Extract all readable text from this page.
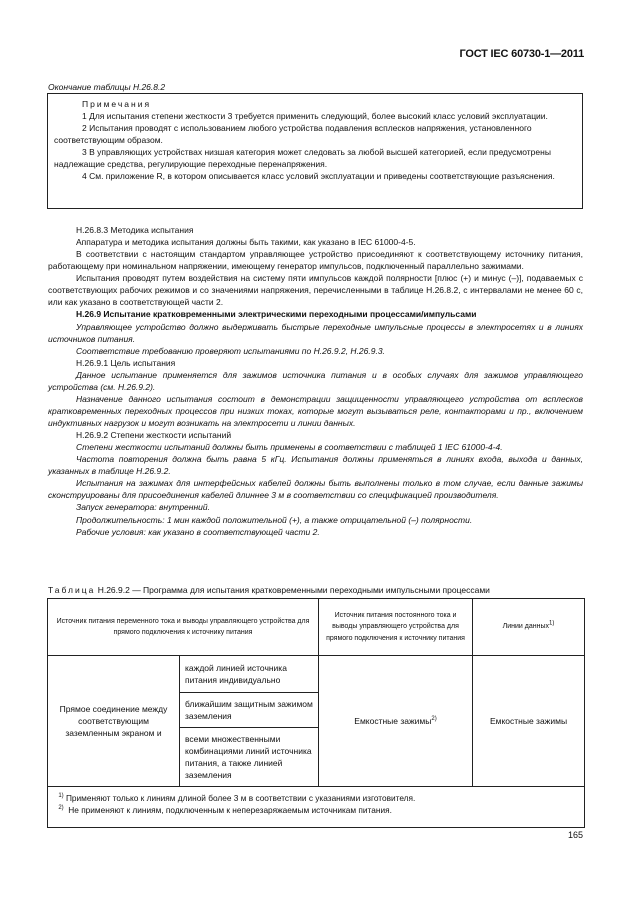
ГОСТ IEC 60730-1—2011
Окончание таблицы Н.26.8.2

Примечания

1 Для испытания степени жесткости 3 требуется применить следующий, более высокий класс условий эксплуатации.

2 Испытания проводят с использованием любого устройства подавления всплесков напряжения, установленного соответствующим образом.

3 В управляющих устройствах низшая категория может следовать за любой высшей категорией, если предусмотрены надлежащие средства, регулирующие переходные перенапряжения.

4 См. приложение R, в котором описывается класс условий эксплуатации и приведены соответствующие разъяснения.

Н.26.8.3 Методика испытания

Аппаратура и методика испытания должны быть такими, как указано в IEC 61000-4-5.

В соответствии с настоящим стандартом управляющее устройство присоединяют к соответствующему источнику питания, работающему при номинальном напряжении, имеющему генератор импульсов, подключенный параллельно зажимами.

Испытания проводят путем воздействия на систему пяти импульсов каждой полярности [плюс (+) и минус (–)], подаваемых с соответствующих рабочих режимов и со значениями напряжения, перечисленными в таблице Н.26.8.2, с интервалами не менее 60 с, или как указано в соответствующей части 2.

Н.26.9 Испытание кратковременными электрическими переходными процессами/импульсами

Управляющее устройство должно выдерживать быстрые переходные импульсные процессы в электросетях и в линиях источников питания.

Соответствие требованию проверяют испытаниями по Н.26.9.2, Н.26.9.3.

Н.26.9.1 Цель испытания

Данное испытание применяется для зажимов источника питания и в особых случаях для зажимов управляющего устройства (см. Н.26.9.2).

Назначение данного испытания состоит в демонстрации защищенности управляющего устройства от всплесков кратковременных переходных процессов при низких токах, которые могут вызываться реле, контакторами и пр., включением индуктивных нагрузок и могут возникать на электросети и линии данных.

Н.26.9.2 Степени жесткости испытаний

Степени жесткости испытаний должны быть применены в соответствии с таблицей 1 IEC 61000-4-4.

Частота повторения должна быть равна 5 кГц. Испытания должны применяться в линиях входа, выхода и данных, указанных в таблице Н.26.9.2.

Испытания на зажимах для интерфейсных кабелей должны быть выполнены только в том случае, если данные зажимы сконструированы для присоединения кабелей длиннее 3 м в соответствии со спецификацией производителя.

Запуск генератора: внутренний.

Продолжительность: 1 мин каждой положительной (+), а также отрицательной (–) полярности.

Рабочие условия: как указано в соответствующей части 2.

Таблица Н.26.9.2 — Программа для испытания кратковременными переходными импульсными процессами
Источник питания переменного тока и выводы управляющего устройства для прямого подключения к источнику питания		Источник питания постоянного тока и выводы управляющего устройства для прямого подключения к источнику питания	Линии данных$^{1)}$
Прямое соединение между соответствующим заземленным экраном и	каждой линией источника питания индивидуально	Емкостные зажимы$^{2)}$	Емкостные зажимы
	ближайшим защитным зажимом заземления		
	всеми множественными комбинациями линий источника питания, а также линией заземления		

$^{1)}$ Применяют только к линиям длиной более 3 м в соответствии с указаниями изготовителя.
$^{2)}$ Не применяют к линиям, подключенным к неперезаряжаемым источникам питания.			
165
